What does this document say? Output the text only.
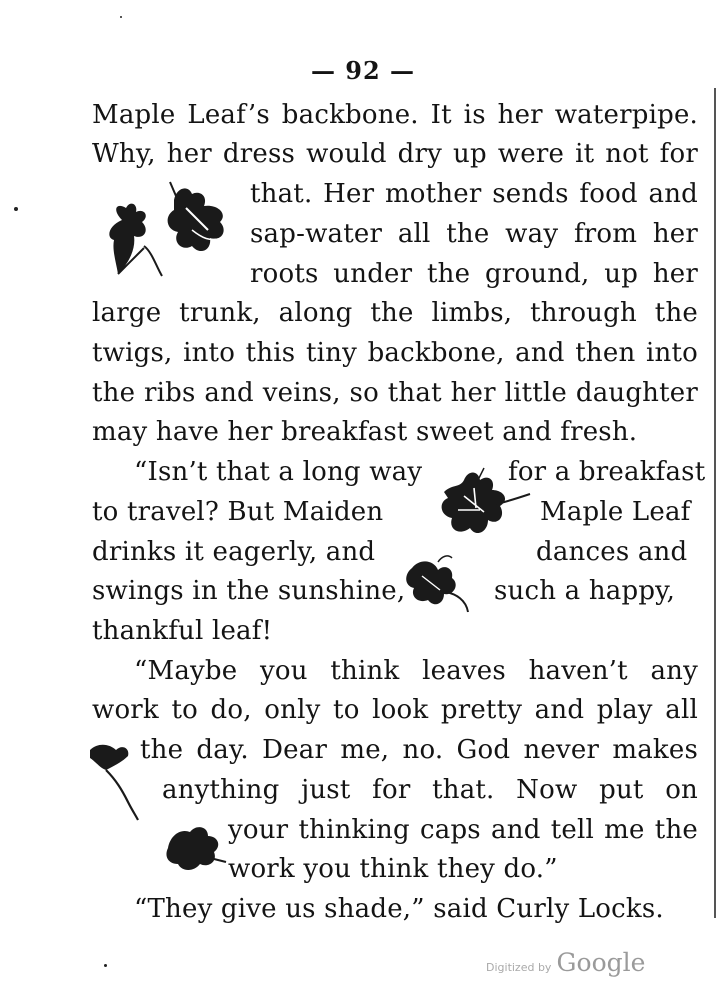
— 92 —
Maple Leaf’s backbone. It is her waterpipe.
Why, her dress would dry up were it not for
that. Her mother sends food and
sap-water all the way from her
roots under the ground, up her
large trunk, along the limbs, through the
twigs, into this tiny backbone, and then into
the ribs and veins, so that her little daughter
may have her breakfast sweet and fresh.
“Isn’t that a long way	for a breakfast
to travel? But Maiden	Maple Leaf
drinks it eagerly, and	dances and
swings in the sunshine,	such a happy,
thankful leaf!
“Maybe you think leaves haven’t any
work to do, only to look pretty and play all
the day. Dear me, no. God never makes
anything just for that. Now put on
your thinking caps and tell me the
work you think they do.”
“They give us shade,” said Curly Locks.
Digitized by Google
